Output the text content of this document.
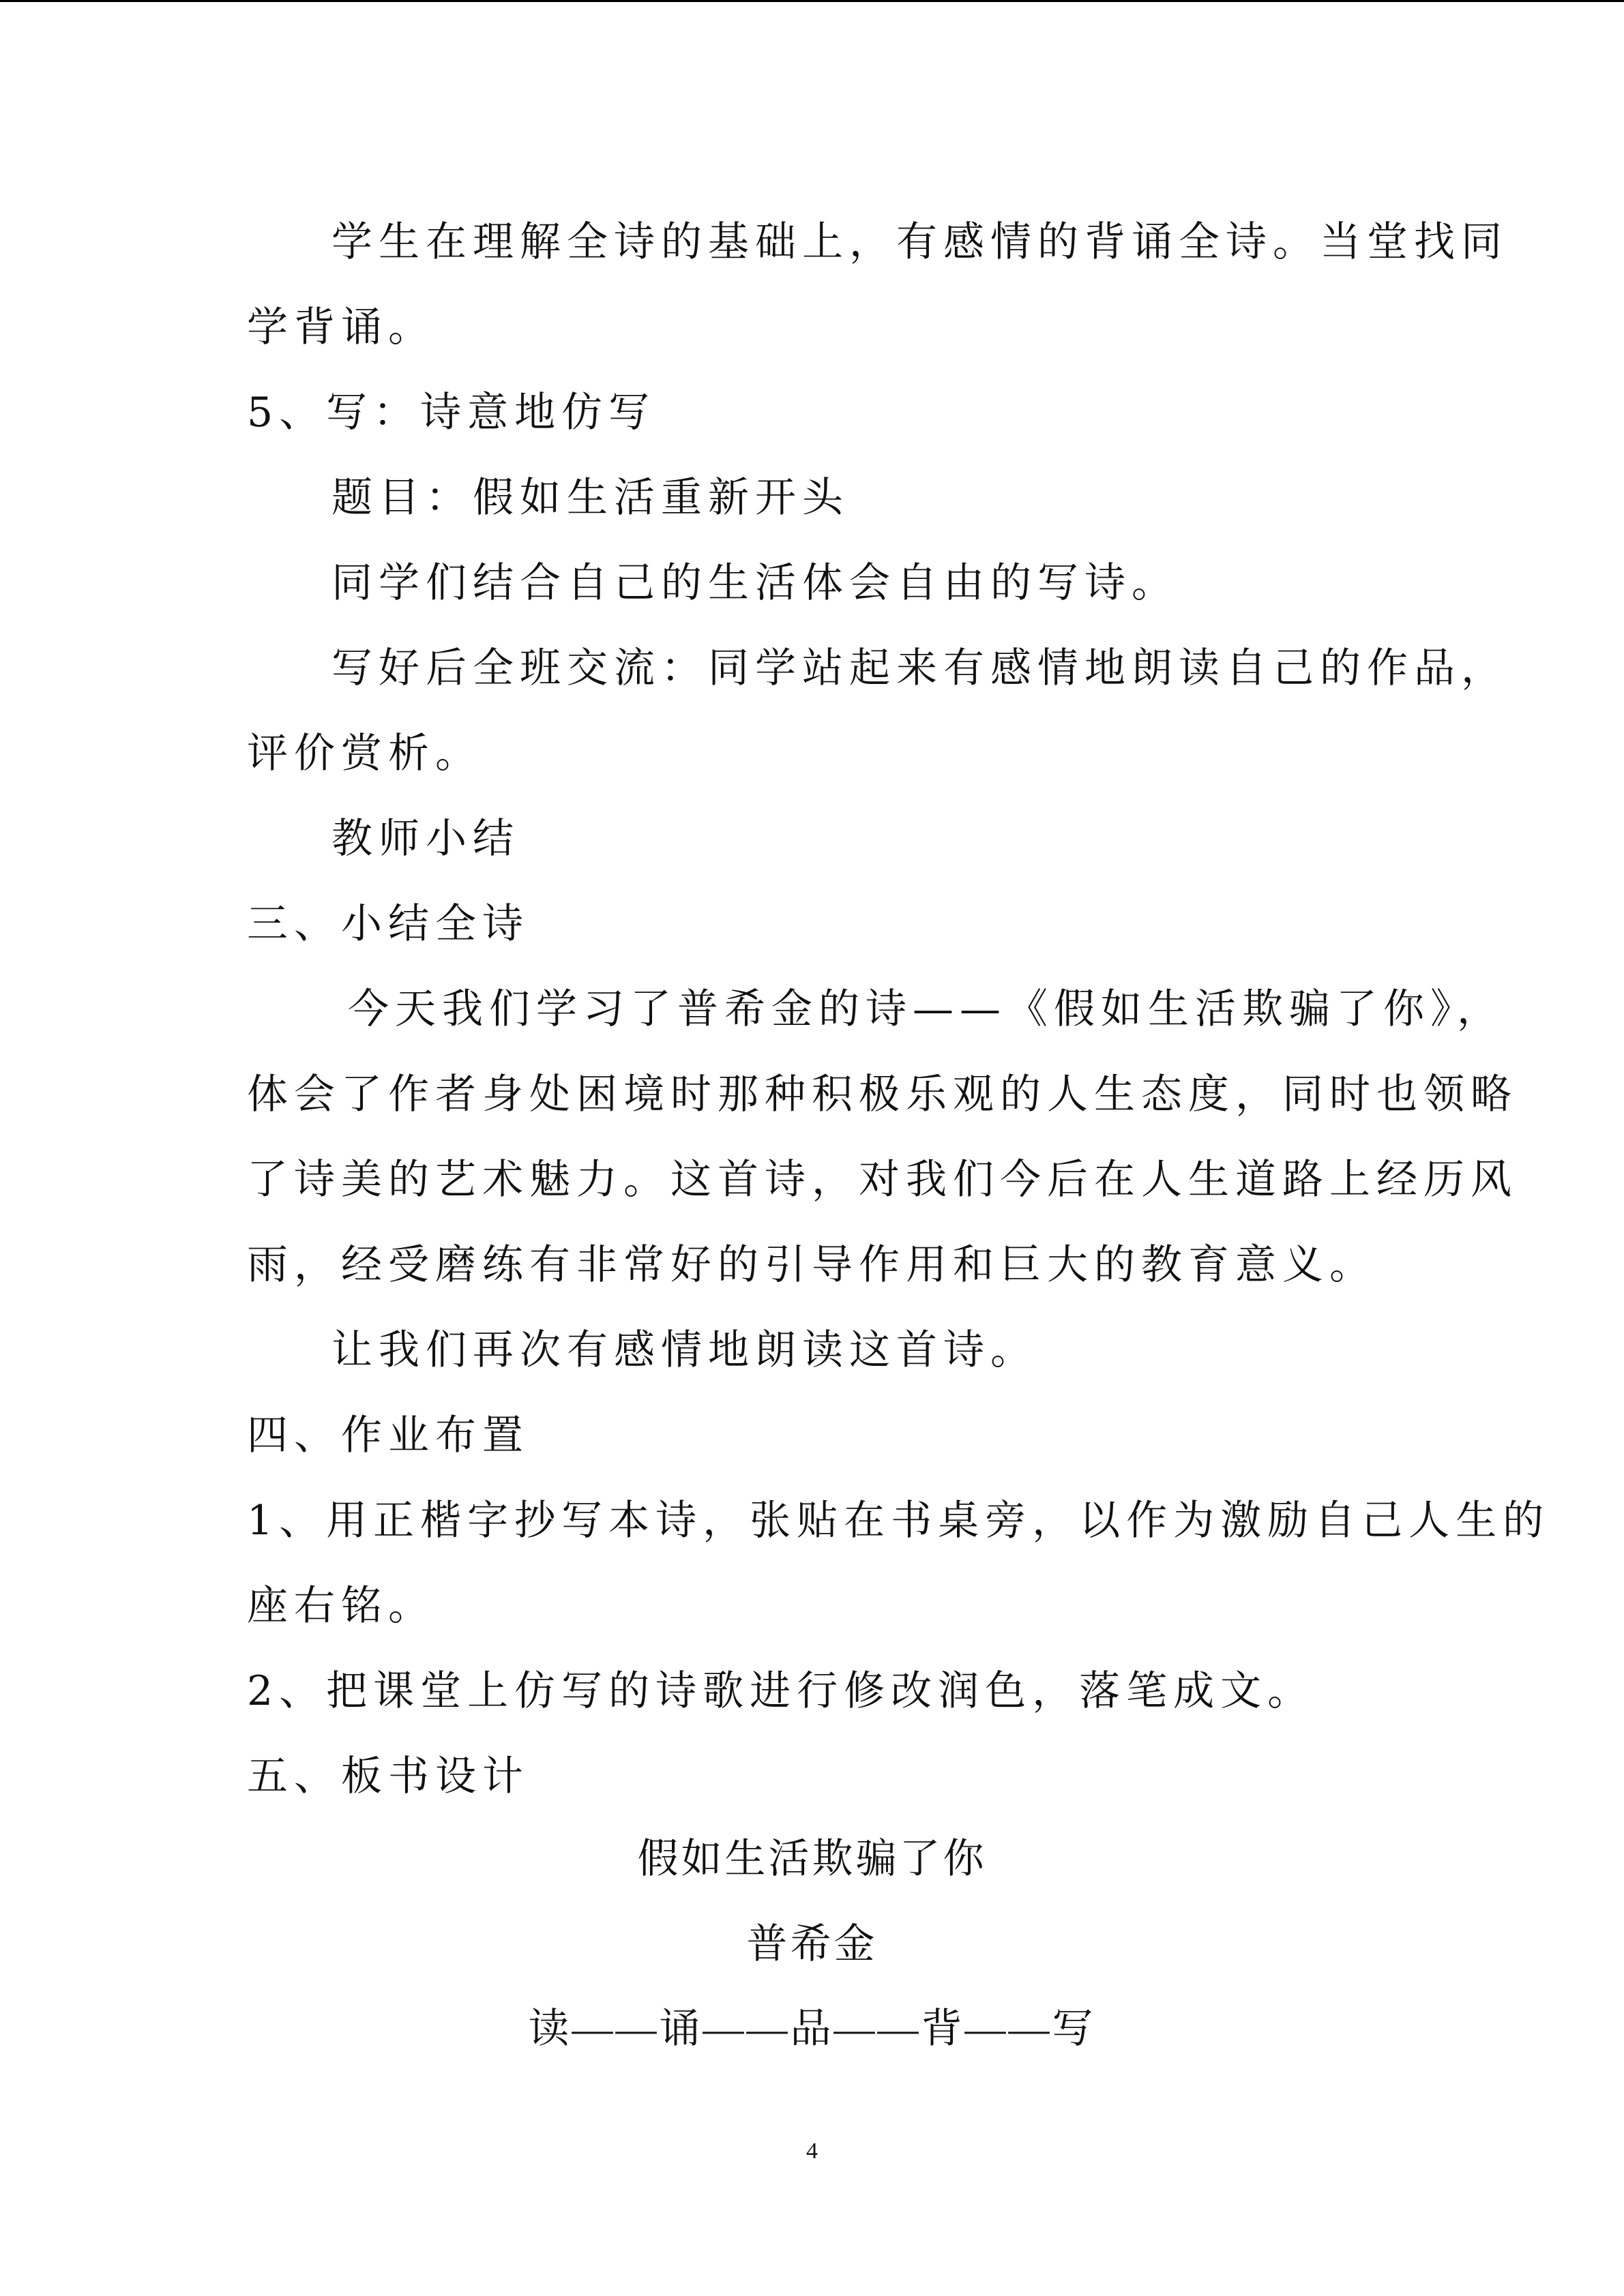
学生在理解全诗的基础上，有感情的背诵全诗。当堂找同
学背诵。
5、写：诗意地仿写
题目：假如生活重新开头
同学们结合自己的生活体会自由的写诗。
写好后全班交流：同学站起来有感情地朗读自己的作品，
评价赏析。
教师小结
三、小结全诗
今天我们学习了普希金的诗——《假如生活欺骗了你》，
体会了作者身处困境时那种积极乐观的人生态度，同时也领略
了诗美的艺术魅力。这首诗，对我们今后在人生道路上经历风
雨，经受磨练有非常好的引导作用和巨大的教育意义。
让我们再次有感情地朗读这首诗。
四、作业布置
1、用正楷字抄写本诗，张贴在书桌旁，以作为激励自己人生的
座右铭。
2、把课堂上仿写的诗歌进行修改润色，落笔成文。
五、板书设计
假如生活欺骗了你
普希金
读——诵——品——背——写
4
